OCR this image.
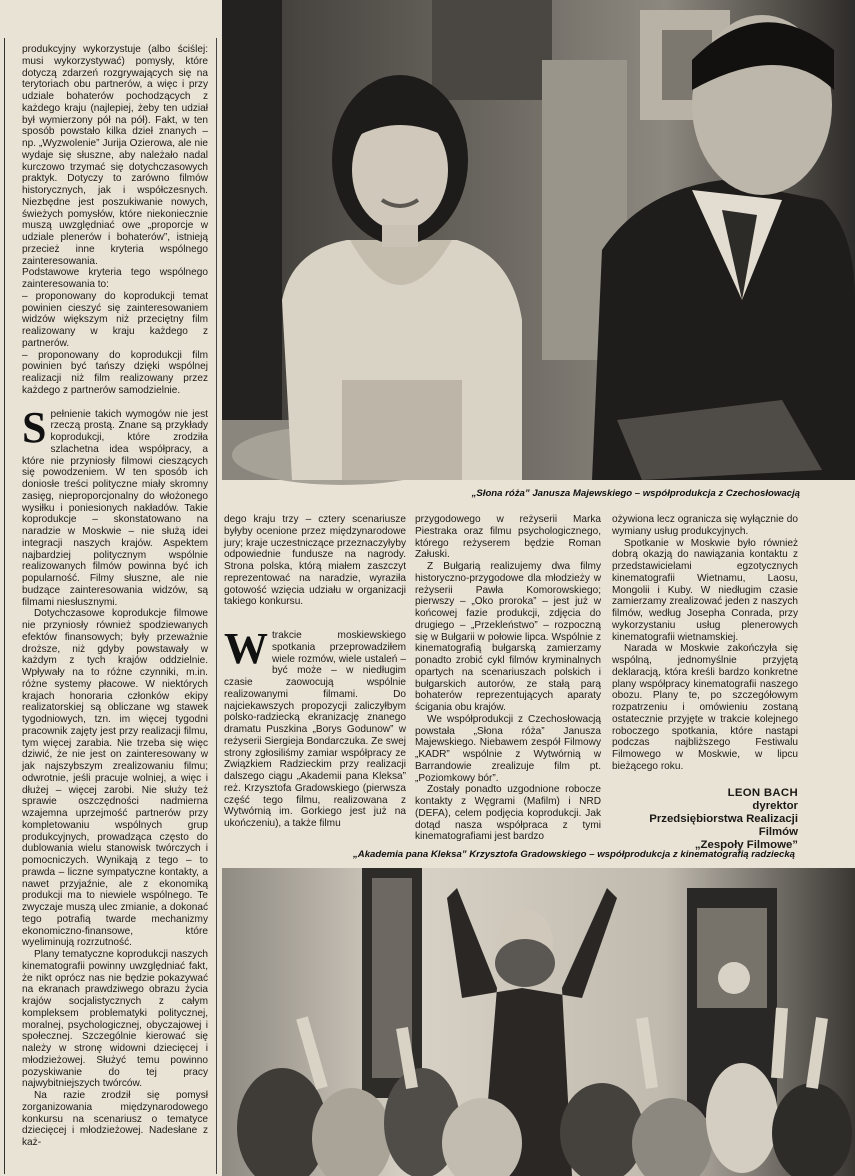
„Słona róża” Janusza Majewskiego – współprodukcja z Czechosłowacją
„Akademia pana Kleksa” Krzysztofa Gradowskiego – współprodukcja z kinematografią radziecką

produkcyjny wykorzystuje (albo ściślej: musi wykorzystywać) pomysły, które dotyczą zdarzeń rozgrywających się na terytoriach obu partnerów, a więc i przy udziale bohaterów pochodzących z każdego kraju (najlepiej, żeby ten udział był wymierzony pół na pół). Fakt, w ten sposób powstało kilka dzieł znanych – np. „Wyzwolenie” Jurija Ozierowa, ale nie wydaje się słuszne, aby należało nadal kurczowo trzymać się dotychczasowych praktyk. Dotyczy to zarówno filmów historycznych, jak i współczesnych. Niezbędne jest poszukiwanie nowych, świeżych pomysłów, które niekoniecznie muszą uwzględniać owe „proporcje w udziale plenerów i bohaterów”, istnieją przecież inne kryteria wspólnego zainteresowania.

Podstawowe kryteria tego wspólnego zainteresowania to:

– proponowany do koprodukcji temat powinien cieszyć się zainteresowaniem widzów większym niż przeciętny film realizowany w kraju każdego z partnerów.

– proponowany do koprodukcji film powinien być tańszy dzięki wspólnej realizacji niż film realizowany przez każdego z partnerów samodzielnie.

Spełnienie takich wymogów nie jest rzeczą prostą. Znane są przykłady koprodukcji, które zrodziła szlachetna idea współpracy, a które nie przyniosły filmowi cieszących się powodzeniem. W ten sposób ich doniosłe treści polityczne miały skromny zasięg, nieproporcjonalny do włożonego wysiłku i poniesionych nakładów. Takie koprodukcje – skonstatowano na naradzie w Moskwie – nie służą idei integracji naszych krajów. Aspektem najbardziej politycznym wspólnie realizowanych filmów powinna być ich popularność. Filmy słuszne, ale nie budzące zainteresowania widzów, są filmami niesłusznymi.

Dotychczasowe koprodukcje filmowe nie przyniosły również spodziewanych efektów finansowych; były przeważnie droższe, niż gdyby powstawały w każdym z tych krajów oddzielnie. Wpływały na to różne czynniki, m.in. różne systemy płacowe. W niektórych krajach honoraria członków ekipy realizatorskiej są obliczane wg stawek tygodniowych, tzn. im więcej tygodni pracownik zajęty jest przy realizacji filmu, tym więcej zarabia. Nie trzeba się więc dziwić, że nie jest on zainteresowany w jak najszybszym zrealizowaniu filmu; odwrotnie, jeśli pracuje wolniej, a więc i dłużej – więcej zarobi. Nie służy też sprawie oszczędności nadmierna wzajemna uprzejmość partnerów przy kompletowaniu wspólnych grup produkcyjnych, prowadząca często do dublowania wielu stanowisk twórczych i pomocniczych. Wynikają z tego – to prawda – liczne sympatyczne kontakty, a nawet przyjaźnie, ale z ekonomiką produkcji ma to niewiele wspólnego. Te zwyczaje muszą ulec zmianie, a dokonać tego potrafią twarde mechanizmy ekonomiczno-finansowe, które wyeliminują rozrzutność.

Plany tematyczne koprodukcji naszych kinematografii powinny uwzględniać fakt, że nikt oprócz nas nie będzie pokazywać na ekranach prawdziwego obrazu życia krajów socjalistycznych z całym kompleksem problematyki politycznej, moralnej, psychologicznej, obyczajowej i społecznej. Szczególnie kierować się należy w stronę widowni dziecięcej i młodzieżowej. Służyć temu powinno pozyskiwanie do tej pracy najwybitniejszych twórców.

Na razie zrodził się pomysł zorganizowania międzynarodowego konkursu na scenariusz o tematyce dziecięcej i młodzieżowej. Nadesłane z każ-

dego kraju trzy – cztery scenariusze byłyby ocenione przez międzynarodowe jury; kraje uczestniczące przeznaczyłyby odpowiednie fundusze na nagrody. Strona polska, którą miałem zaszczyt reprezentować na naradzie, wyraziła gotowość wzięcia udziału w organizacji takiego konkursu.

Wtrakcie moskiewskiego spotkania przeprowadziłem wiele rozmów, wiele ustaleń – być może – w niedługim czasie zaowocują wspólnie realizowanymi filmami. Do najciekawszych propozycji zaliczyłbym polsko-radziecką ekranizację znanego dramatu Puszkina „Borys Godunow” w reżyserii Siergieja Bondarczuka. Ze swej strony zgłosiliśmy zamiar współpracy ze Związkiem Radzieckim przy realizacji dalszego ciągu „Akademii pana Kleksa” reż. Krzysztofa Gradowskiego (pierwsza część tego filmu, realizowana z Wytwórnią im. Gorkiego jest już na ukończeniu), a także filmu

przygodowego w reżyserii Marka Piestraka oraz filmu psychologicznego, którego reżyserem będzie Roman Załuski.

Z Bułgarią realizujemy dwa filmy historyczno-przygodowe dla młodzieży w reżyserii Pawła Komorowskiego; pierwszy – „Oko proroka” – jest już w końcowej fazie produkcji, zdjęcia do drugiego – „Przekleństwo” – rozpoczną się w Bułgarii w połowie lipca. Wspólnie z kinematografią bułgarską zamierzamy ponadto zrobić cykl filmów kryminalnych opartych na scenariuszach polskich i bułgarskich autorów, ze stałą parą bohaterów reprezentujących aparaty ścigania obu krajów.

We współprodukcji z Czechosłowacją powstała „Słona róża” Janusza Majewskiego. Niebawem zespół Filmowy „KADR” wspólnie z Wytwórnią w Barrandowie zrealizuje film pt. „Poziomkowy bór”.

Zostały ponadto uzgodnione robocze kontakty z Węgrami (Mafilm) i NRD (DEFA), celem podjęcia koprodukcji. Jak dotąd nasza współpraca z tymi kinematografiami jest bardzo

ożywiona lecz ogranicza się wyłącznie do wymiany usług produkcyjnych.

Spotkanie w Moskwie było również dobrą okazją do nawiązania kontaktu z przedstawicielami egzotycznych kinematografii Wietnamu, Laosu, Mongolii i Kuby. W niedługim czasie zamierzamy zrealizować jeden z naszych filmów, według Josepha Conrada, przy wykorzystaniu usług plenerowych kinematografii wietnamskiej.

Narada w Moskwie zakończyła się wspólną, jednomyślnie przyjętą deklaracją, która kreśli bardzo konkretne plany współpracy kinematografii naszego obozu. Plany te, po szczegółowym rozpatrzeniu i omówieniu zostaną ostatecznie przyjęte w trakcie kolejnego roboczego spotkania, które nastąpi podczas najbliższego Festiwalu Filmowego w Moskwie, w lipcu bieżącego roku.

LEON BACH
dyrektor
Przedsiębiorstwa Realizacji
Filmów
„Zespoły Filmowe”
